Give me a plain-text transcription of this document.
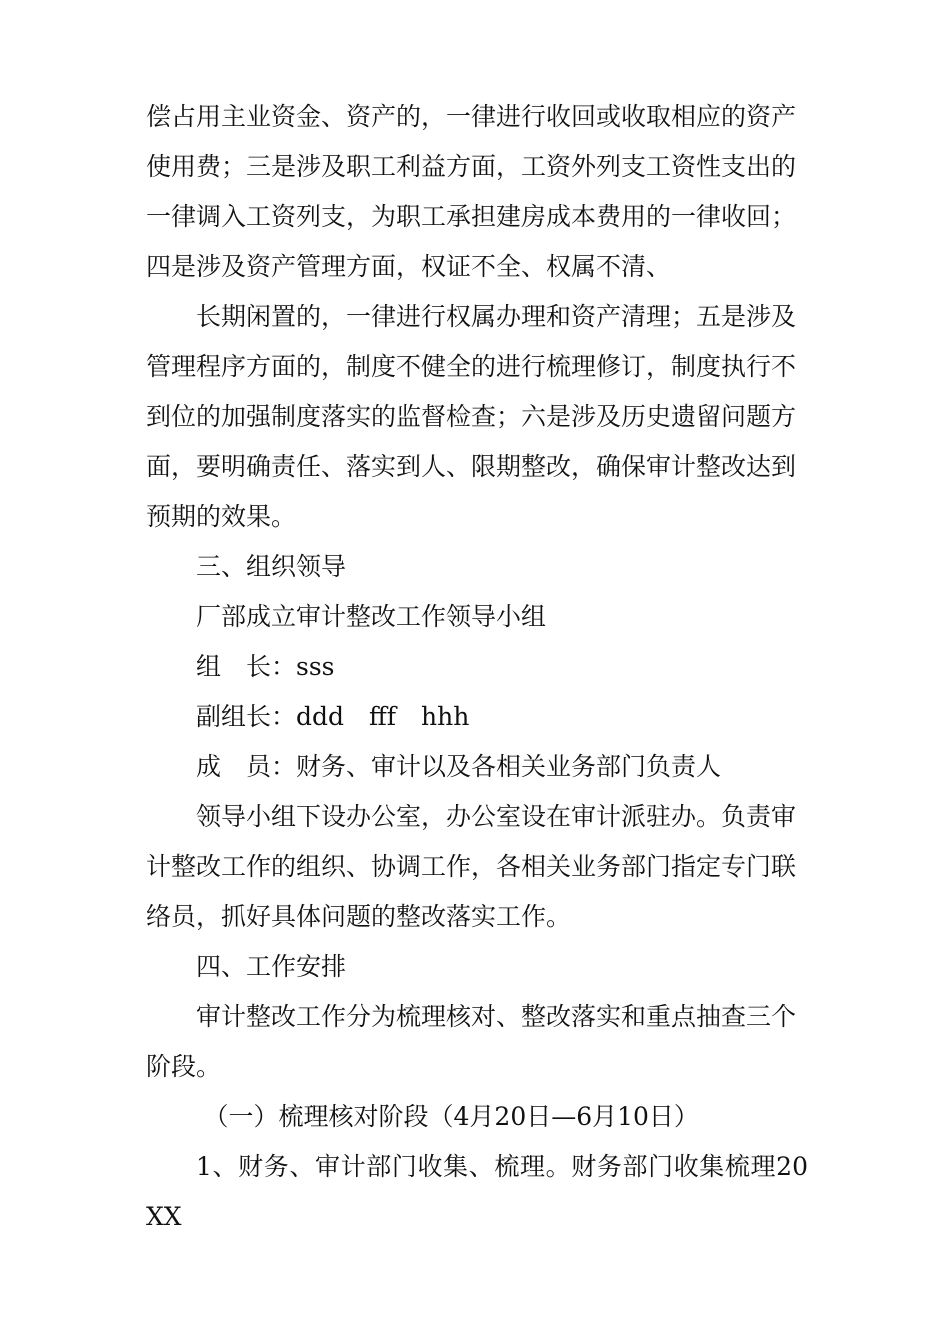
偿占用主业资金、资产的，一律进行收回或收取相应的资产
使用费；三是涉及职工利益方面，工资外列支工资性支出的
一律调入工资列支，为职工承担建房成本费用的一律收回；
四是涉及资产管理方面，权证不全、权属不清、

长期闲置的，一律进行权属办理和资产清理；五是涉及
管理程序方面的，制度不健全的进行梳理修订，制度执行不
到位的加强制度落实的监督检查；六是涉及历史遗留问题方
面，要明确责任、落实到人、限期整改，确保审计整改达到
预期的效果。

三、组织领导

厂部成立审计整改工作领导小组

组　长：sss

副组长：ddd　fff　hhh

成　员：财务、审计以及各相关业务部门负责人

领导小组下设办公室，办公室设在审计派驻办。负责审
计整改工作的组织、协调工作，各相关业务部门指定专门联
络员，抓好具体问题的整改落实工作。

四、工作安排

审计整改工作分为梳理核对、整改落实和重点抽查三个
阶段。

（一）梳理核对阶段（4月20日—6月10日）

1、财务、审计部门收集、梳理。财务部门收集梳理20XX
